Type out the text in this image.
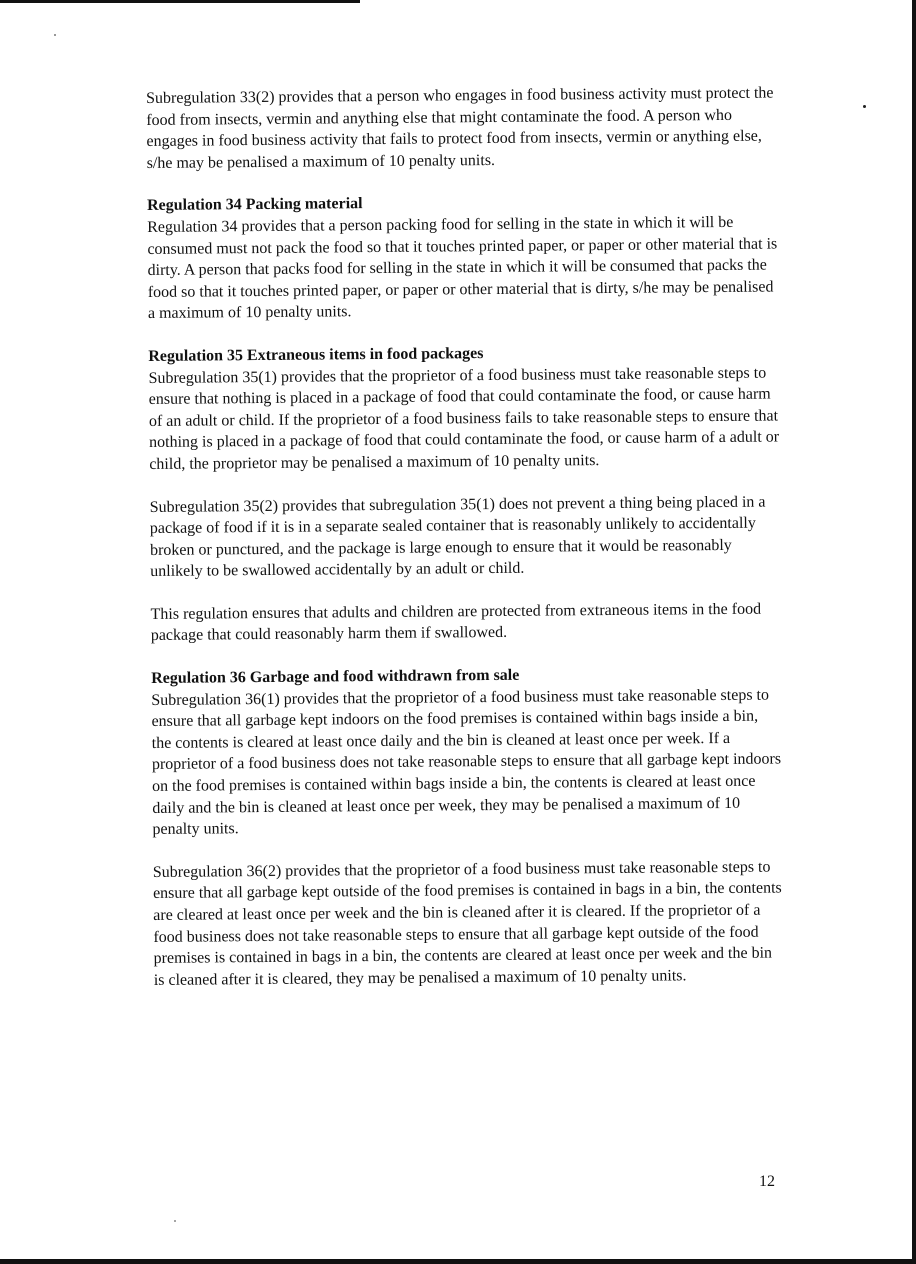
Subregulation 33(2) provides that a person who engages in food business activity must protect the food from insects, vermin and anything else that might contaminate the food. A person who engages in food business activity that fails to protect food from insects, vermin or anything else, s/he may be penalised a maximum of 10 penalty units.

Regulation 34 Packing material

Regulation 34 provides that a person packing food for selling in the state in which it will be consumed must not pack the food so that it touches printed paper, or paper or other material that is dirty. A person that packs food for selling in the state in which it will be consumed that packs the food so that it touches printed paper, or paper or other material that is dirty, s/he may be penalised a maximum of 10 penalty units.

Regulation 35 Extraneous items in food packages

Subregulation 35(1) provides that the proprietor of a food business must take reasonable steps to ensure that nothing is placed in a package of food that could contaminate the food, or cause harm of an adult or child. If the proprietor of a food business fails to take reasonable steps to ensure that nothing is placed in a package of food that could contaminate the food, or cause harm of a adult or child, the proprietor may be penalised a maximum of 10 penalty units.

Subregulation 35(2) provides that subregulation 35(1) does not prevent a thing being placed in a package of food if it is in a separate sealed container that is reasonably unlikely to accidentally broken or punctured, and the package is large enough to ensure that it would be reasonably unlikely to be swallowed accidentally by an adult or child.

This regulation ensures that adults and children are protected from extraneous items in the food package that could reasonably harm them if swallowed.

Regulation 36 Garbage and food withdrawn from sale

Subregulation 36(1) provides that the proprietor of a food business must take reasonable steps to ensure that all garbage kept indoors on the food premises is contained within bags inside a bin, the contents is cleared at least once daily and the bin is cleaned at least once per week. If a proprietor of a food business does not take reasonable steps to ensure that all garbage kept indoors on the food premises is contained within bags inside a bin, the contents is cleared at least once daily and the bin is cleaned at least once per week, they may be penalised a maximum of 10 penalty units.

Subregulation 36(2) provides that the proprietor of a food business must take reasonable steps to ensure that all garbage kept outside of the food premises is contained in bags in a bin, the contents are cleared at least once per week and the bin is cleaned after it is cleared. If the proprietor of a food business does not take reasonable steps to ensure that all garbage kept outside of the food premises is contained in bags in a bin, the contents are cleared at least once per week and the bin is cleaned after it is cleared, they may be penalised a maximum of 10 penalty units.

12
